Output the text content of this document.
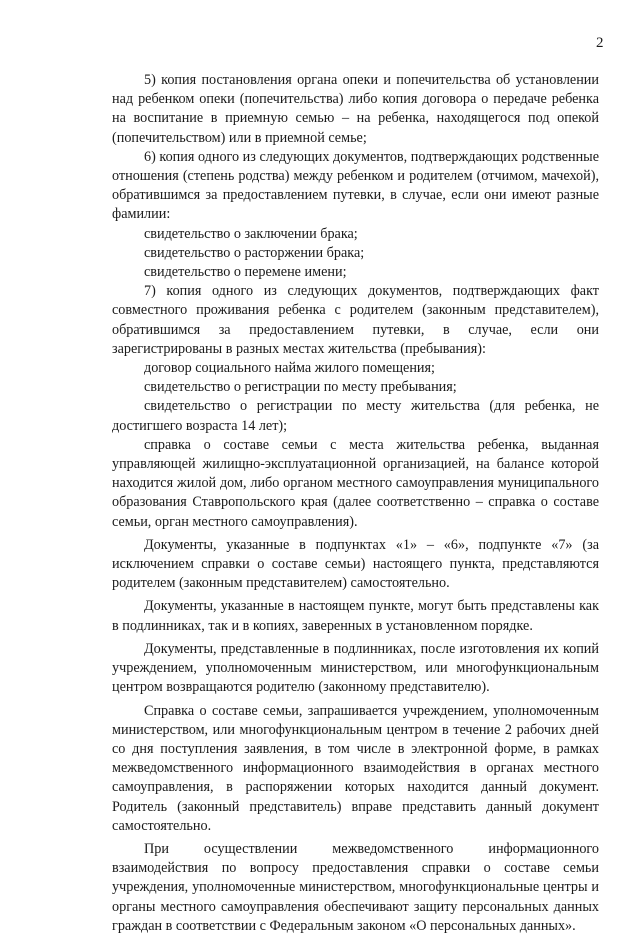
2

5) копия постановления органа опеки и попечительства об установлении над ребенком опеки (попечительства) либо копия договора о передаче ребенка на воспитание в приемную семью – на ребенка, находящегося под опекой (попечительством) или в приемной семье;

6) копия одного из следующих документов, подтверждающих родственные отношения (степень родства) между ребенком и родителем (отчимом, мачехой), обратившимся за предоставлением путевки, в случае, если они имеют разные фамилии:

свидетельство о заключении брака;

свидетельство о расторжении брака;

свидетельство о перемене имени;

7) копия одного из следующих документов, подтверждающих факт совместного проживания ребенка с родителем (законным представителем), обратившимся за предоставлением путевки, в случае, если они зарегистрированы в разных местах жительства (пребывания):

договор социального найма жилого помещения;

свидетельство о регистрации по месту пребывания;

свидетельство о регистрации по месту жительства (для ребенка, не достигшего возраста 14 лет);

справка о составе семьи с места жительства ребенка, выданная управляющей жилищно-эксплуатационной организацией, на балансе которой находится жилой дом, либо органом местного самоуправления муниципального образования Ставропольского края (далее соответственно – справка о составе семьи, орган местного самоуправления).

Документы, указанные в подпунктах «1» – «6», подпункте «7» (за исключением справки о составе семьи) настоящего пункта, представляются родителем (законным представителем) самостоятельно.

Документы, указанные в настоящем пункте, могут быть представлены как в подлинниках, так и в копиях, заверенных в установленном порядке.

Документы, представленные в подлинниках, после изготовления их копий учреждением, уполномоченным министерством, или многофункциональным центром возвращаются родителю (законному представителю).

Справка о составе семьи, запрашивается учреждением, уполномоченным министерством, или многофункциональным центром в течение 2 рабочих дней со дня поступления заявления, в том числе в электронной форме, в рамках межведомственного информационного взаимодействия в органах местного самоуправления, в распоряжении которых находится данный документ. Родитель (законный представитель) вправе представить данный документ самостоятельно.

При осуществлении межведомственного информационного взаимодействия по вопросу предоставления справки о составе семьи учреждения, уполномоченные министерством, многофункциональные центры и органы местного самоуправления обеспечивают защиту персональных данных граждан в соответствии с Федеральным законом «О персональных данных».
